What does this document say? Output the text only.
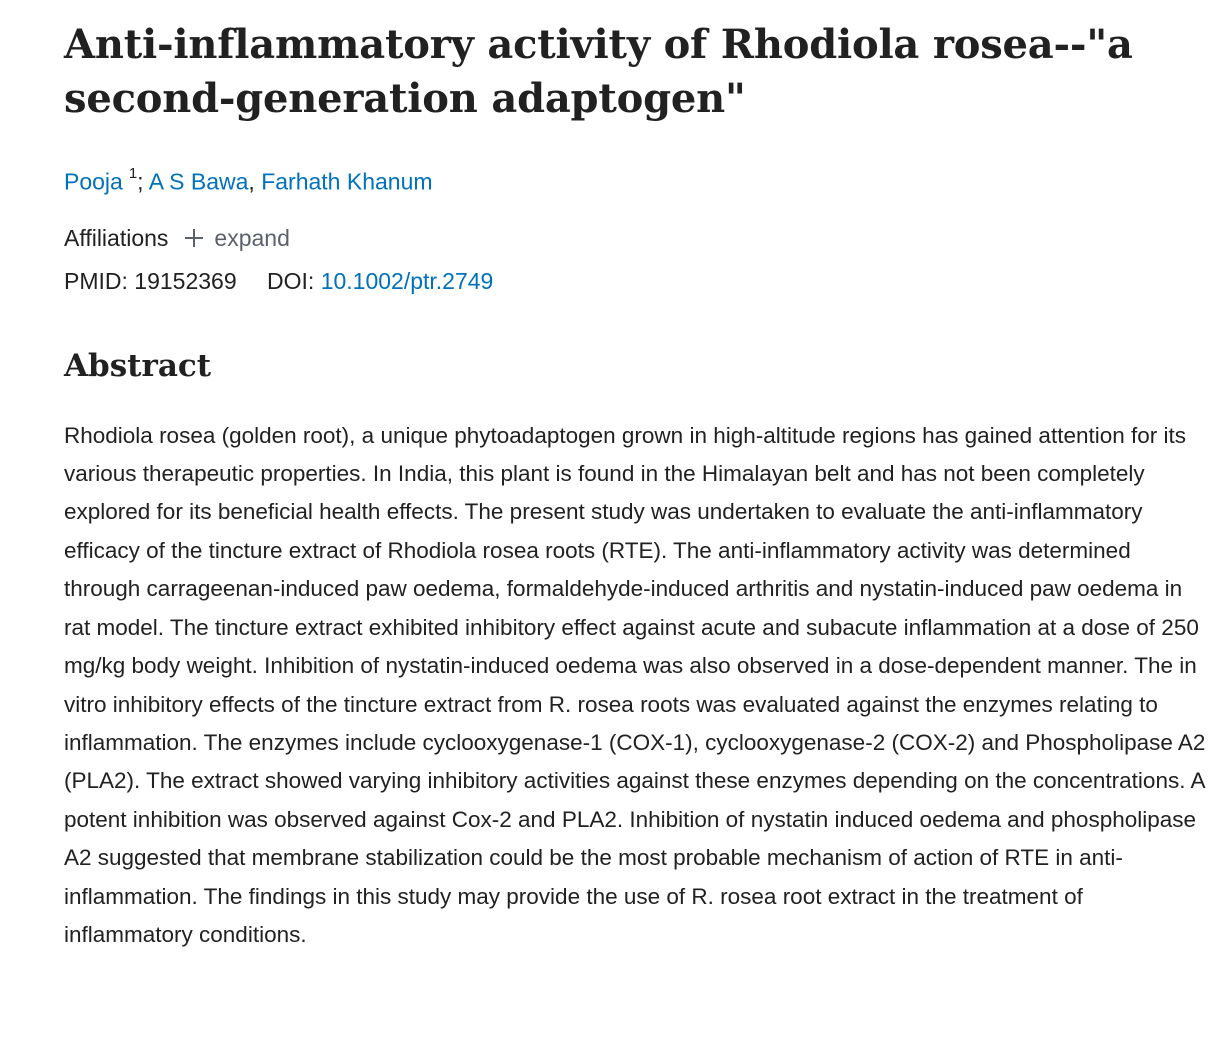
Anti-inflammatory activity of Rhodiola rosea--"a second-generation adaptogen"
Pooja $^1$; A S Bawa, Farhath Khanum
Affiliations expand
PMID: 19152369 DOI: 10.1002/ptr.2749
Abstract

Rhodiola rosea (golden root), a unique phytoadaptogen grown in high-altitude regions has gained attention for its various therapeutic properties. In India, this plant is found in the Himalayan belt and has not been completely explored for its beneficial health effects. The present study was undertaken to evaluate the anti-inflammatory efficacy of the tincture extract of Rhodiola rosea roots (RTE). The anti-inflammatory activity was determined through carrageenan-induced paw oedema, formaldehyde-induced arthritis and nystatin-induced paw oedema in rat model. The tincture extract exhibited inhibitory effect against acute and subacute inflammation at a dose of 250 mg/kg body weight. Inhibition of nystatin-induced oedema was also observed in a dose-dependent manner. The in vitro inhibitory effects of the tincture extract from R. rosea roots was evaluated against the enzymes relating to inflammation. The enzymes include cyclooxygenase-1 (COX-1), cyclooxygenase-2 (COX-2) and Phospholipase A2 (PLA2). The extract showed varying inhibitory activities against these enzymes depending on the concentrations. A potent inhibition was observed against Cox-2 and PLA2. Inhibition of nystatin induced oedema and phospholipase A2 suggested that membrane stabilization could be the most probable mechanism of action of RTE in anti-inflammation. The findings in this study may provide the use of R. rosea root extract in the treatment of inflammatory conditions.
